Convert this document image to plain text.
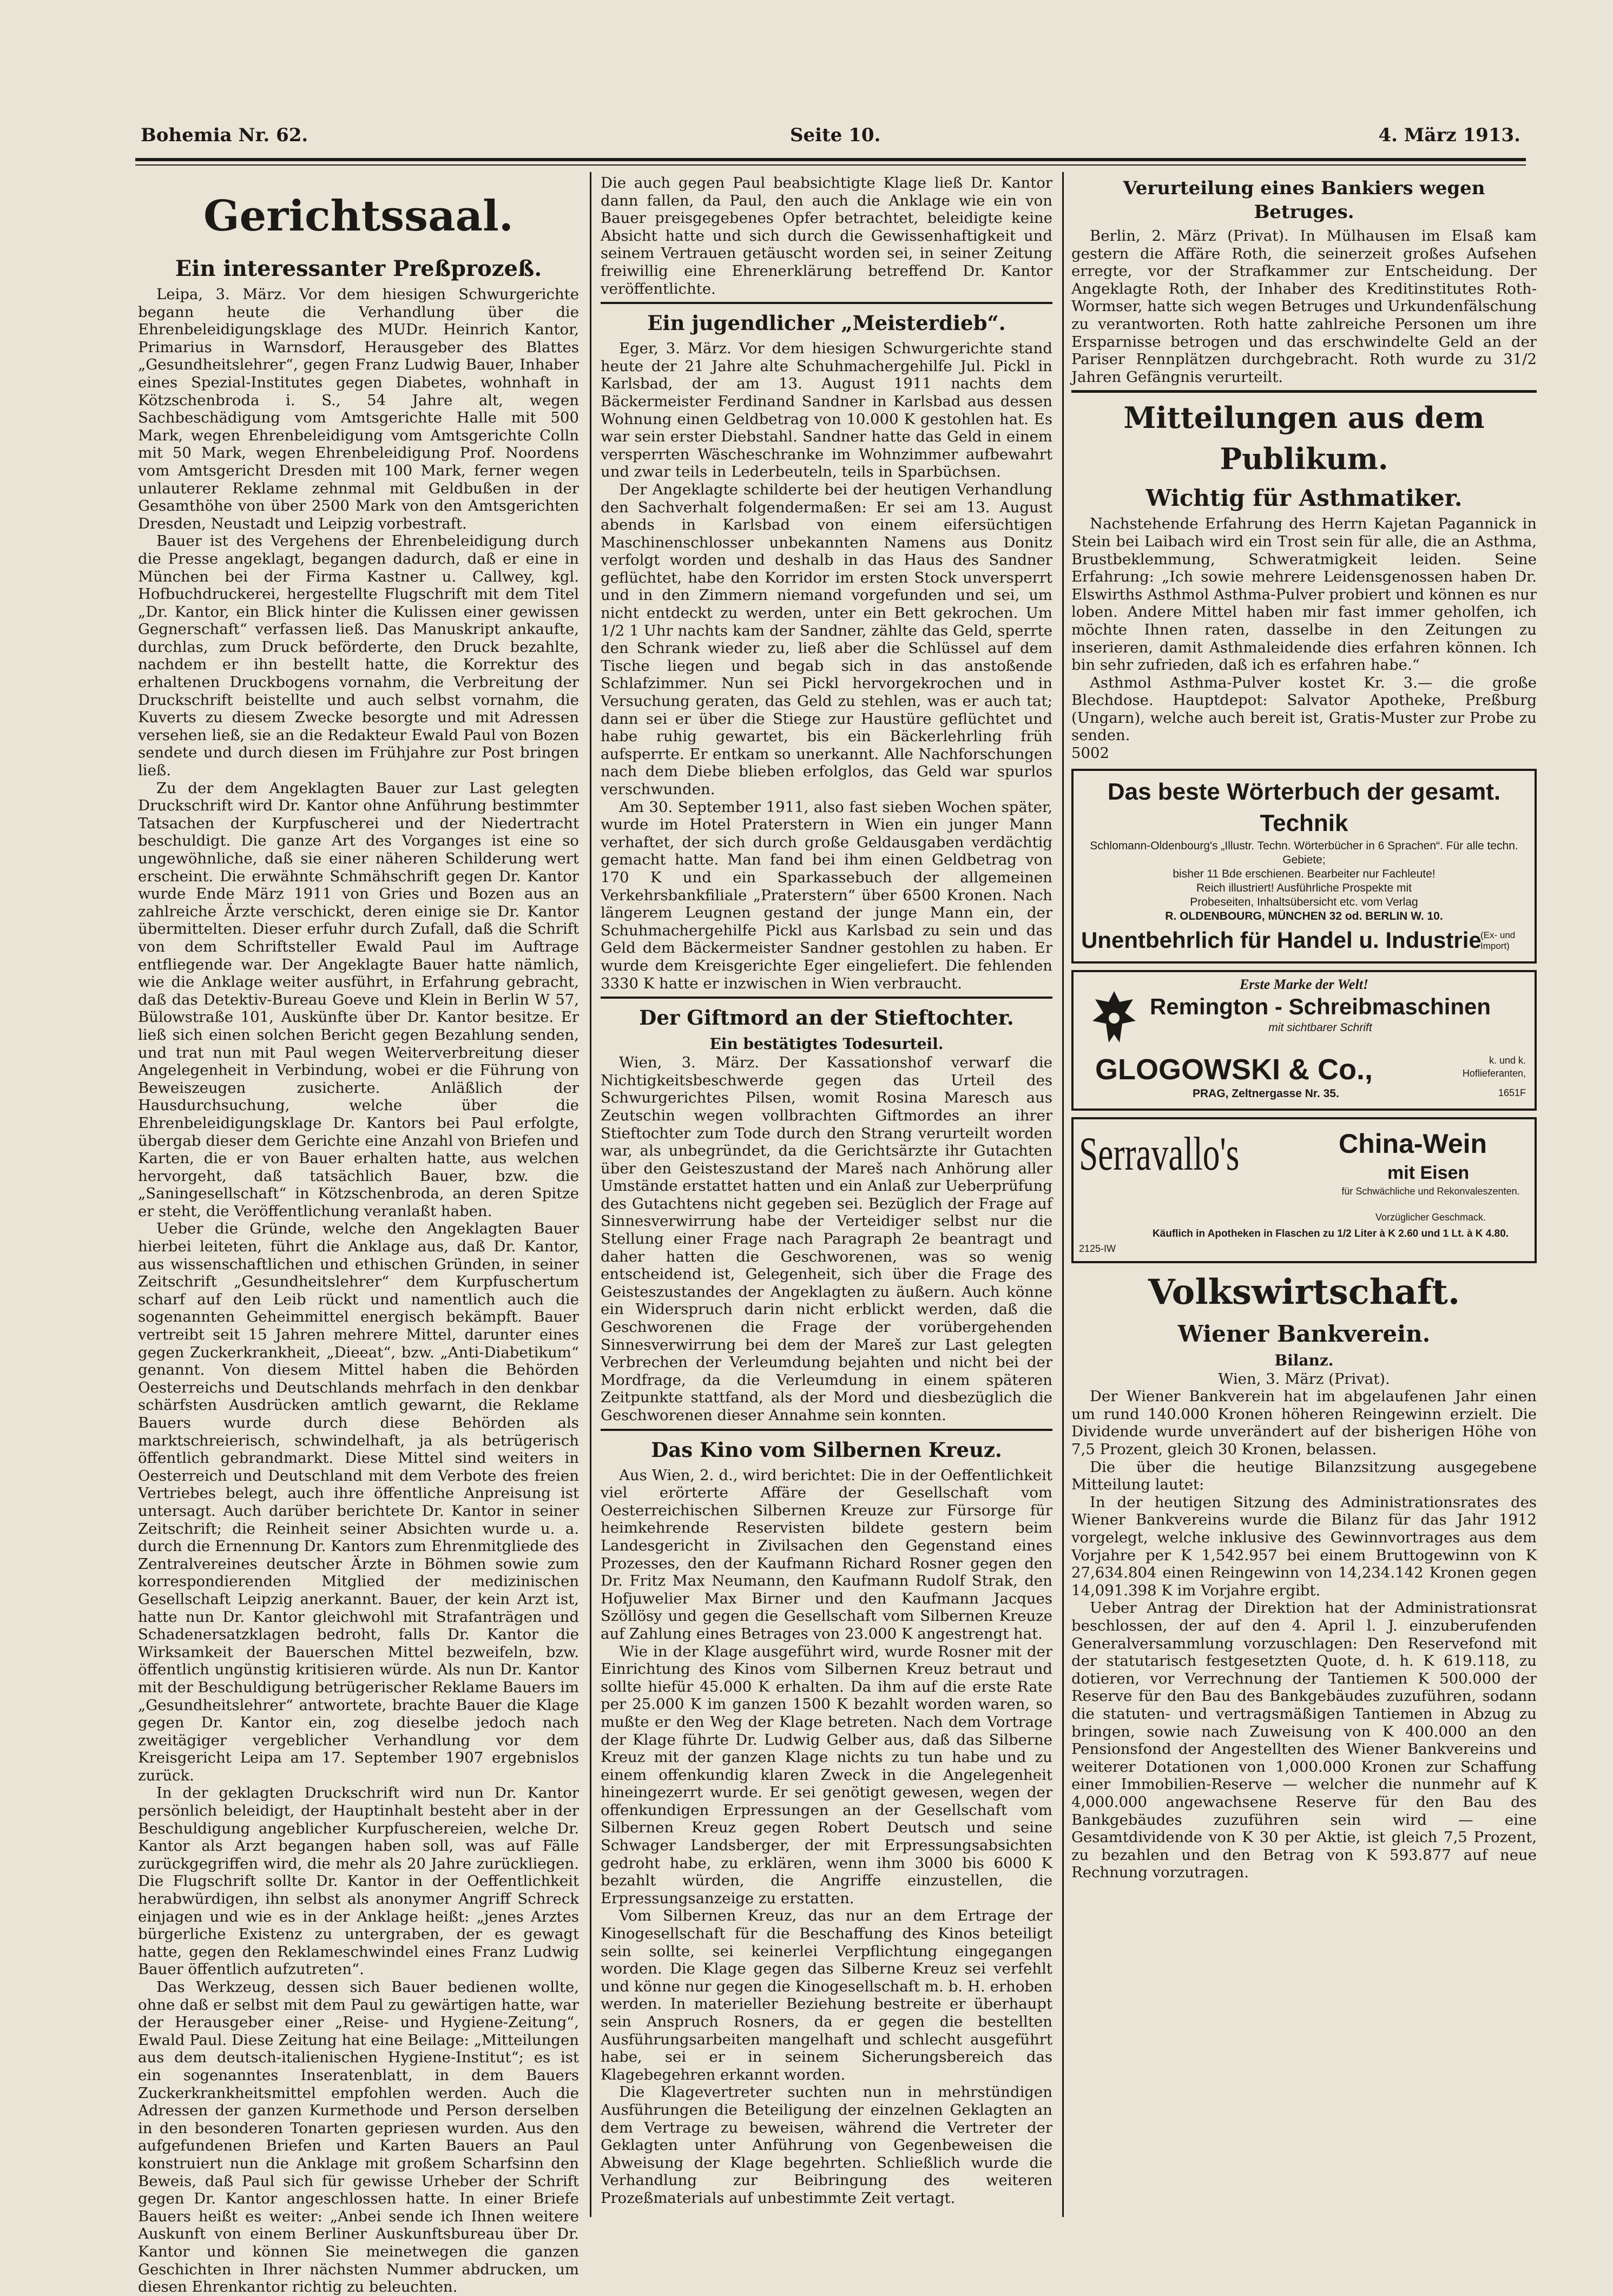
Bohemia Nr. 62.	Seite 10.	4. März 1913.
Gerichtssaal.
Ein interessanter Preßprozeß.

Leipa, 3. März. Vor dem hiesigen Schwurgerichte begann heute die Verhandlung über die Ehrenbeleidigungsklage des MUDr. Heinrich Kantor, Primarius in Warnsdorf, Herausgeber des Blattes „Gesundheitslehrer“, gegen Franz Ludwig Bauer, Inhaber eines Spezial-Institutes gegen Diabetes, wohnhaft in Kötzschenbroda i. S., 54 Jahre alt, wegen Sachbeschädigung vom Amtsgerichte Halle mit 500 Mark, wegen Ehrenbeleidigung vom Amtsgerichte Colln mit 50 Mark, wegen Ehrenbeleidigung Prof. Noordens vom Amtsgericht Dresden mit 100 Mark, ferner wegen unlauterer Reklame zehnmal mit Geldbußen in der Gesamthöhe von über 2500 Mark von den Amtsgerichten Dresden, Neustadt und Leipzig vorbestraft.

Bauer ist des Vergehens der Ehrenbeleidigung durch die Presse angeklagt, begangen dadurch, daß er eine in München bei der Firma Kastner u. Callwey, kgl. Hofbuchdruckerei, hergestellte Flugschrift mit dem Titel „Dr. Kantor, ein Blick hinter die Kulissen einer gewissen Gegnerschaft“ verfassen ließ. Das Manuskript ankaufte, durchlas, zum Druck beförderte, den Druck bezahlte, nachdem er ihn bestellt hatte, die Korrektur des erhaltenen Druckbogens vornahm, die Verbreitung der Druckschrift beistellte und auch selbst vornahm, die Kuverts zu diesem Zwecke besorgte und mit Adressen versehen ließ, sie an die Redakteur Ewald Paul von Bozen sendete und durch diesen im Frühjahre zur Post bringen ließ.

Zu der dem Angeklagten Bauer zur Last gelegten Druckschrift wird Dr. Kantor ohne Anführung bestimmter Tatsachen der Kurpfuscherei und der Niedertracht beschuldigt. Die ganze Art des Vorganges ist eine so ungewöhnliche, daß sie einer näheren Schilderung wert erscheint. Die erwähnte Schmähschrift gegen Dr. Kantor wurde Ende März 1911 von Gries und Bozen aus an zahlreiche Ärzte verschickt, deren einige sie Dr. Kantor übermittelten. Dieser erfuhr durch Zufall, daß die Schrift von dem Schriftsteller Ewald Paul im Auftrage entfliegende war. Der Angeklagte Bauer hatte nämlich, wie die Anklage weiter ausführt, in Erfahrung gebracht, daß das Detektiv-Bureau Goeve und Klein in Berlin W 57, Bülowstraße 101, Auskünfte über Dr. Kantor besitze. Er ließ sich einen solchen Bericht gegen Bezahlung senden, und trat nun mit Paul wegen Weiterverbreitung dieser Angelegenheit in Verbindung, wobei er die Führung von Beweiszeugen zusicherte. Anläßlich der Hausdurchsuchung, welche über die Ehrenbeleidigungsklage Dr. Kantors bei Paul erfolgte, übergab dieser dem Gerichte eine Anzahl von Briefen und Karten, die er von Bauer erhalten hatte, aus welchen hervorgeht, daß tatsächlich Bauer, bzw. die „Saningesellschaft“ in Kötzschenbroda, an deren Spitze er steht, die Veröffentlichung veranlaßt haben.

Ueber die Gründe, welche den Angeklagten Bauer hierbei leiteten, führt die Anklage aus, daß Dr. Kantor, aus wissenschaftlichen und ethischen Gründen, in seiner Zeitschrift „Gesundheitslehrer“ dem Kurpfuschertum scharf auf den Leib rückt und namentlich auch die sogenannten Geheimmittel energisch bekämpft. Bauer vertreibt seit 15 Jahren mehrere Mittel, darunter eines gegen Zuckerkrankheit, „Dieeat“, bzw. „Anti-Diabetikum“ genannt. Von diesem Mittel haben die Behörden Oesterreichs und Deutschlands mehrfach in den denkbar schärfsten Ausdrücken amtlich gewarnt, die Reklame Bauers wurde durch diese Behörden als marktschreierisch, schwindelhaft, ja als betrügerisch öffentlich gebrandmarkt. Diese Mittel sind weiters in Oesterreich und Deutschland mit dem Verbote des freien Vertriebes belegt, auch ihre öffentliche Anpreisung ist untersagt. Auch darüber berichtete Dr. Kantor in seiner Zeitschrift; die Reinheit seiner Absichten wurde u. a. durch die Ernennung Dr. Kantors zum Ehrenmitgliede des Zentralvereines deutscher Ärzte in Böhmen sowie zum korrespondierenden Mitglied der medizinischen Gesellschaft Leipzig anerkannt. Bauer, der kein Arzt ist, hatte nun Dr. Kantor gleichwohl mit Strafanträgen und Schadenersatzklagen bedroht, falls Dr. Kantor die Wirksamkeit der Bauerschen Mittel bezweifeln, bzw. öffentlich ungünstig kritisieren würde. Als nun Dr. Kantor mit der Beschuldigung betrügerischer Reklame Bauers im „Gesundheitslehrer“ antwortete, brachte Bauer die Klage gegen Dr. Kantor ein, zog dieselbe jedoch nach zweitägiger vergeblicher Verhandlung vor dem Kreisgericht Leipa am 17. September 1907 ergebnislos zurück.

In der geklagten Druckschrift wird nun Dr. Kantor persönlich beleidigt, der Hauptinhalt besteht aber in der Beschuldigung angeblicher Kurpfuschereien, welche Dr. Kantor als Arzt begangen haben soll, was auf Fälle zurückgegriffen wird, die mehr als 20 Jahre zurückliegen. Die Flugschrift sollte Dr. Kantor in der Oeffentlichkeit herabwürdigen, ihn selbst als anonymer Angriff Schreck einjagen und wie es in der Anklage heißt: „jenes Arztes bürgerliche Existenz zu untergraben, der es gewagt hatte, gegen den Reklameschwindel eines Franz Ludwig Bauer öffentlich aufzutreten“.

Das Werkzeug, dessen sich Bauer bedienen wollte, ohne daß er selbst mit dem Paul zu gewärtigen hatte, war der Herausgeber einer „Reise- und Hygiene-Zeitung“, Ewald Paul. Diese Zeitung hat eine Beilage: „Mitteilungen aus dem deutsch-italienischen Hygiene-Institut“; es ist ein sogenanntes Inseratenblatt, in dem Bauers Zuckerkrankheitsmittel empfohlen werden. Auch die Adressen der ganzen Kurmethode und Person derselben in den besonderen Tonarten gepriesen wurden. Aus den aufgefundenen Briefen und Karten Bauers an Paul konstruiert nun die Anklage mit großem Scharfsinn den Beweis, daß Paul sich für gewisse Urheber der Schrift gegen Dr. Kantor angeschlossen hatte. In einer Briefe Bauers heißt es weiter: „Anbei sende ich Ihnen weitere Auskunft von einem Berliner Auskunftsbureau über Dr. Kantor und können Sie meinetwegen die ganzen Geschichten in Ihrer nächsten Nummer abdrucken, um diesen Ehrenkantor richtig zu beleuchten.

Die auch gegen Paul beabsichtigte Klage ließ Dr. Kantor dann fallen, da Paul, den auch die Anklage wie ein von Bauer preisgegebenes Opfer betrachtet, beleidigte keine Absicht hatte und sich durch die Gewissenhaftigkeit und seinem Vertrauen getäuscht worden sei, in seiner Zeitung freiwillig eine Ehrenerklärung betreffend Dr. Kantor veröffentlichte.

Ein jugendlicher „Meisterdieb“.

Eger, 3. März. Vor dem hiesigen Schwurgerichte stand heute der 21 Jahre alte Schuhmachergehilfe Jul. Pickl in Karlsbad, der am 13. August 1911 nachts dem Bäckermeister Ferdinand Sandner in Karlsbad aus dessen Wohnung einen Geldbetrag von 10.000 K gestohlen hat. Es war sein erster Diebstahl. Sandner hatte das Geld in einem versperrten Wäscheschranke im Wohnzimmer aufbewahrt und zwar teils in Lederbeuteln, teils in Sparbüchsen.

Der Angeklagte schilderte bei der heutigen Verhandlung den Sachverhalt folgendermaßen: Er sei am 13. August abends in Karlsbad von einem eifersüchtigen Maschinenschlosser unbekannten Namens aus Donitz verfolgt worden und deshalb in das Haus des Sandner geflüchtet, habe den Korridor im ersten Stock unversperrt und in den Zimmern niemand vorgefunden und sei, um nicht entdeckt zu werden, unter ein Bett gekrochen. Um 1/2 1 Uhr nachts kam der Sandner, zählte das Geld, sperrte den Schrank wieder zu, ließ aber die Schlüssel auf dem Tische liegen und begab sich in das anstoßende Schlafzimmer. Nun sei Pickl hervorgekrochen und in Versuchung geraten, das Geld zu stehlen, was er auch tat; dann sei er über die Stiege zur Haustüre geflüchtet und habe ruhig gewartet, bis ein Bäckerlehrling früh aufsperrte. Er entkam so unerkannt. Alle Nachforschungen nach dem Diebe blieben erfolglos, das Geld war spurlos verschwunden.

Am 30. September 1911, also fast sieben Wochen später, wurde im Hotel Praterstern in Wien ein junger Mann verhaftet, der sich durch große Geldausgaben verdächtig gemacht hatte. Man fand bei ihm einen Geldbetrag von 170 K und ein Sparkassebuch der allgemeinen Verkehrsbankfiliale „Praterstern“ über 6500 Kronen. Nach längerem Leugnen gestand der junge Mann ein, der Schuhmachergehilfe Pickl aus Karlsbad zu sein und das Geld dem Bäckermeister Sandner gestohlen zu haben. Er wurde dem Kreisgerichte Eger eingeliefert. Die fehlenden 3330 K hatte er inzwischen in Wien verbraucht.

Der Giftmord an der Stieftochter.
Ein bestätigtes Todesurteil.

Wien, 3. März. Der Kassationshof verwarf die Nichtigkeitsbeschwerde gegen das Urteil des Schwurgerichtes Pilsen, womit Rosina Maresch aus Zeutschin wegen vollbrachten Giftmordes an ihrer Stieftochter zum Tode durch den Strang verurteilt worden war, als unbegründet, da die Gerichtsärzte ihr Gutachten über den Geisteszustand der Mareš nach Anhörung aller Umstände erstattet hatten und ein Anlaß zur Ueberprüfung des Gutachtens nicht gegeben sei. Bezüglich der Frage auf Sinnesverwirrung habe der Verteidiger selbst nur die Stellung einer Frage nach Paragraph 2e beantragt und daher hatten die Geschworenen, was so wenig entscheidend ist, Gelegenheit, sich über die Frage des Geisteszustandes der Angeklagten zu äußern. Auch könne ein Widerspruch darin nicht erblickt werden, daß die Geschworenen die Frage der vorübergehenden Sinnesverwirrung bei dem der Mareš zur Last gelegten Verbrechen der Verleumdung bejahten und nicht bei der Mordfrage, da die Verleumdung in einem späteren Zeitpunkte stattfand, als der Mord und diesbezüglich die Geschworenen dieser Annahme sein konnten.

Das Kino vom Silbernen Kreuz.

Aus Wien, 2. d., wird berichtet: Die in der Oeffentlichkeit viel erörterte Affäre der Gesellschaft vom Oesterreichischen Silbernen Kreuze zur Fürsorge für heimkehrende Reservisten bildete gestern beim Landesgericht in Zivilsachen den Gegenstand eines Prozesses, den der Kaufmann Richard Rosner gegen den Dr. Fritz Max Neumann, den Kaufmann Rudolf Strak, den Hofjuwelier Max Birner und den Kaufmann Jacques Szöllösy und gegen die Gesellschaft vom Silbernen Kreuze auf Zahlung eines Betrages von 23.000 K angestrengt hat.

Wie in der Klage ausgeführt wird, wurde Rosner mit der Einrichtung des Kinos vom Silbernen Kreuz betraut und sollte hiefür 45.000 K erhalten. Da ihm auf die erste Rate per 25.000 K im ganzen 1500 K bezahlt worden waren, so mußte er den Weg der Klage betreten. Nach dem Vortrage der Klage führte Dr. Ludwig Gelber aus, daß das Silberne Kreuz mit der ganzen Klage nichts zu tun habe und zu einem offenkundig klaren Zweck in die Angelegenheit hineingezerrt wurde. Er sei genötigt gewesen, wegen der offenkundigen Erpressungen an der Gesellschaft vom Silbernen Kreuz gegen Robert Deutsch und seine Schwager Landsberger, der mit Erpressungsabsichten gedroht habe, zu erklären, wenn ihm 3000 bis 6000 K bezahlt würden, die Angriffe einzustellen, die Erpressungsanzeige zu erstatten.

Vom Silbernen Kreuz, das nur an dem Ertrage der Kinogesellschaft für die Beschaffung des Kinos beteiligt sein sollte, sei keinerlei Verpflichtung eingegangen worden. Die Klage gegen das Silberne Kreuz sei verfehlt und könne nur gegen die Kinogesellschaft m. b. H. erhoben werden. In materieller Beziehung bestreite er überhaupt sein Anspruch Rosners, da er gegen die bestellten Ausführungsarbeiten mangelhaft und schlecht ausgeführt habe, sei er in seinem Sicherungsbereich das Klagebegehren erkannt worden.

Die Klagevertreter suchten nun in mehrstündigen Ausführungen die Beteiligung der einzelnen Geklagten an dem Vertrage zu beweisen, während die Vertreter der Geklagten unter Anführung von Gegenbeweisen die Abweisung der Klage begehrten. Schließlich wurde die Verhandlung zur Beibringung des weiteren Prozeßmaterials auf unbestimmte Zeit vertagt.

Verurteilung eines Bankiers wegen Betruges.

Berlin, 2. März (Privat). In Mülhausen im Elsaß kam gestern die Affäre Roth, die seinerzeit großes Aufsehen erregte, vor der Strafkammer zur Entscheidung. Der Angeklagte Roth, der Inhaber des Kreditinstitutes Roth-Wormser, hatte sich wegen Betruges und Urkundenfälschung zu verantworten. Roth hatte zahlreiche Personen um ihre Ersparnisse betrogen und das erschwindelte Geld an der Pariser Rennplätzen durchgebracht. Roth wurde zu 31/2 Jahren Gefängnis verurteilt.

Mitteilungen aus dem Publikum.
Wichtig für Asthmatiker.

Nachstehende Erfahrung des Herrn Kajetan Pagannick in Stein bei Laibach wird ein Trost sein für alle, die an Asthma, Brustbeklemmung, Schweratmigkeit leiden. Seine Erfahrung: „Ich sowie mehrere Leidensgenossen haben Dr. Elswirths Asthmol Asthma-Pulver probiert und können es nur loben. Andere Mittel haben mir fast immer geholfen, ich möchte Ihnen raten, dasselbe in den Zeitungen zu inserieren, damit Asthmaleidende dies erfahren können. Ich bin sehr zufrieden, daß ich es erfahren habe.“

Asthmol Asthma-Pulver kostet Kr. 3.— die große Blechdose. Hauptdepot: Salvator Apotheke, Preßburg (Ungarn), welche auch bereit ist, Gratis-Muster zur Probe zu senden.

5002

Das beste Wörterbuch der gesamt. Technik
Schlomann-Oldenbourg's „Illustr. Techn. Wörterbücher in 6 Sprachen“. Für alle techn. Gebiete;
bisher 11 Bde erschienen. Bearbeiter nur Fachleute!
Reich illustriert! Ausführliche Prospekte mit
Probeseiten, Inhaltsübersicht etc. vom Verlag
R. OLDENBOURG, MÜNCHEN 32 od. BERLIN W. 10.
Unentbehrlich für Handel u. Industrie
(Ex- und Import)
Erste Marke der Welt!
Remington - Schreibmaschinen
mit sichtbarer Schrift
GLOGOWSKI & Co.,
PRAG, Zeltnergasse Nr. 35.
k. und k.
Hoflieferanten,
1651F
Serravallo's	China-Wein
mit Eisen
für Schwächliche und Rekonvaleszenten.
Vorzüglicher Geschmack.
Käuflich in Apotheken in Flaschen zu 1/2 Liter à K 2.60 und 1 Lt. à K 4.80.
2125-IW
Volkswirtschaft.
Wiener Bankverein.
Bilanz.

Wien, 3. März (Privat).

Der Wiener Bankverein hat im abgelaufenen Jahr einen um rund 140.000 Kronen höheren Reingewinn erzielt. Die Dividende wurde unverändert auf der bisherigen Höhe von 7,5 Prozent, gleich 30 Kronen, belassen.

Die über die heutige Bilanzsitzung ausgegebene Mitteilung lautet:

In der heutigen Sitzung des Administrationsrates des Wiener Bankvereins wurde die Bilanz für das Jahr 1912 vorgelegt, welche inklusive des Gewinnvortrages aus dem Vorjahre per K 1,542.957 bei einem Bruttogewinn von K 27,634.804 einen Reingewinn von 14,234.142 Kronen gegen 14,091.398 K im Vorjahre ergibt.

Ueber Antrag der Direktion hat der Administrationsrat beschlossen, der auf den 4. April l. J. einzuberufenden Generalversammlung vorzuschlagen: Den Reservefond mit der statutarisch festgesetzten Quote, d. h. K 619.118, zu dotieren, vor Verrechnung der Tantiemen K 500.000 der Reserve für den Bau des Bankgebäudes zuzuführen, sodann die statuten- und vertragsmäßigen Tantiemen in Abzug zu bringen, sowie nach Zuweisung von K 400.000 an den Pensionsfond der Angestellten des Wiener Bankvereins und weiterer Dotationen von 1,000.000 Kronen zur Schaffung einer Immobilien-Reserve — welcher die nunmehr auf K 4,000.000 angewachsene Reserve für den Bau des Bankgebäudes zuzuführen sein wird — eine Gesamtdividende von K 30 per Aktie, ist gleich 7,5 Prozent, zu bezahlen und den Betrag von K 593.877 auf neue Rechnung vorzutragen.
